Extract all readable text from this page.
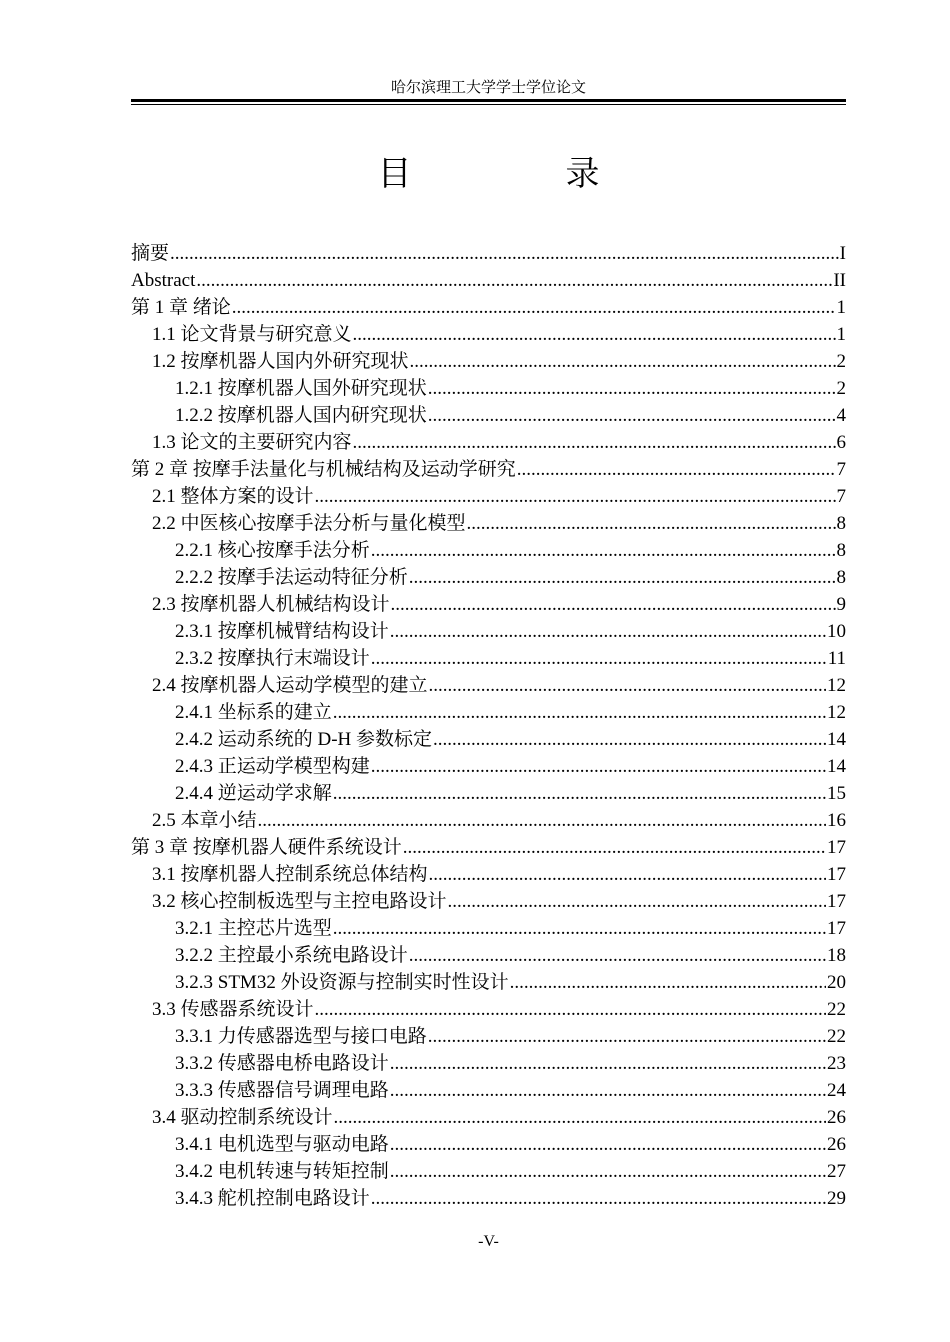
哈尔滨理工大学学士学位论文
目　录
摘要 .....	I
Abstract .....	II
第 1 章 绪论 .....	1
1.1 论文背景与研究意义 .....	1
1.2 按摩机器人国内外研究现状 .....	2
1.2.1 按摩机器人国外研究现状 .....	2
1.2.2 按摩机器人国内研究现状 .....	4
1.3 论文的主要研究内容 .....	6
第 2 章 按摩手法量化与机械结构及运动学研究 .....	7
2.1 整体方案的设计 .....	7
2.2 中医核心按摩手法分析与量化模型 .....	8
2.2.1 核心按摩手法分析 .....	8
2.2.2 按摩手法运动特征分析 .....	8
2.3 按摩机器人机械结构设计 .....	9
2.3.1 按摩机械臂结构设计 .....	10
2.3.2 按摩执行末端设计 .....	11
2.4 按摩机器人运动学模型的建立 .....	12
2.4.1 坐标系的建立 .....	12
2.4.2 运动系统的 D-H 参数标定 .....	14
2.4.3 正运动学模型构建 .....	14
2.4.4 逆运动学求解 .....	15
2.5 本章小结 .....	16
第 3 章 按摩机器人硬件系统设计 .....	17
3.1 按摩机器人控制系统总体结构 .....	17
3.2 核心控制板选型与主控电路设计 .....	17
3.2.1 主控芯片选型 .....	17
3.2.2 主控最小系统电路设计 .....	18
3.2.3 STM32 外设资源与控制实时性设计 .....	20
3.3 传感器系统设计 .....	22
3.3.1 力传感器选型与接口电路 .....	22
3.3.2 传感器电桥电路设计 .....	23
3.3.3 传感器信号调理电路 .....	24
3.4 驱动控制系统设计 .....	26
3.4.1 电机选型与驱动电路 .....	26
3.4.2 电机转速与转矩控制 .....	27
3.4.3 舵机控制电路设计 .....	29
-V-
